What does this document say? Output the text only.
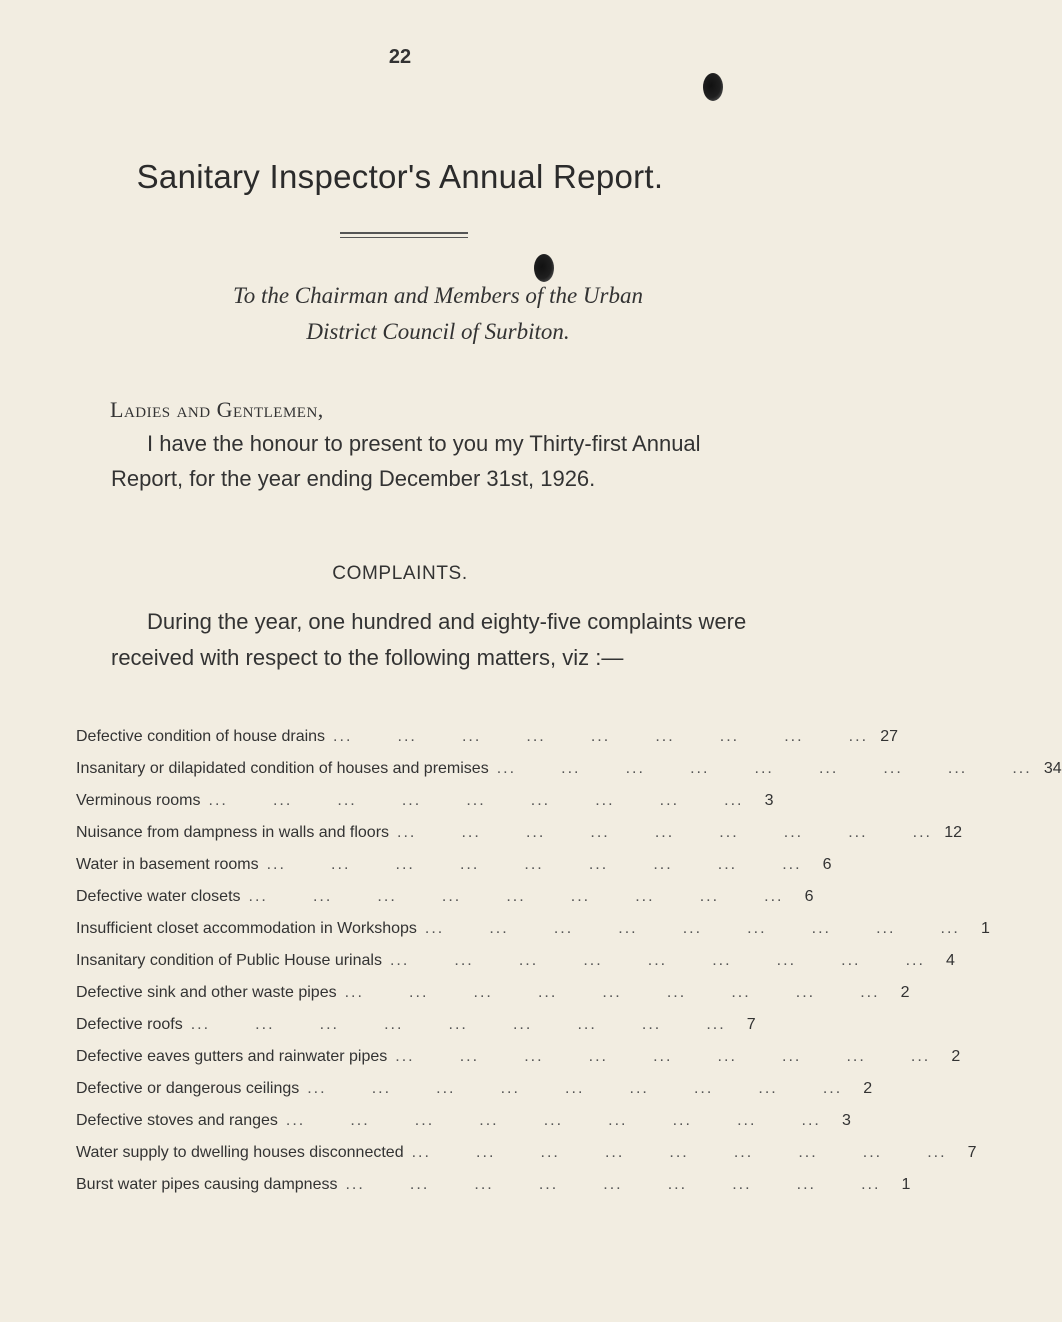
22
Sanitary Inspector's Annual Report.
To the Chairman and Members of the Urban
District Council of Surbiton.
Ladies and Gentlemen,
I have the honour to present to you my Thirty-first Annual Report, for the year ending December 31st, 1926.
COMPLAINTS.
During the year, one hundred and eighty-five complaints were received with respect to the following matters, viz :—
Defective condition of house drains ...	27
Insanitary or dilapidated condition of houses and premises ...	34
Verminous rooms ...	3
Nuisance from dampness in walls and floors ...	12
Water in basement rooms ...	6
Defective water closets ...	6
Insufficient closet accommodation in Workshops ...	1
Insanitary condition of Public House urinals ...	4
Defective sink and other waste pipes ...	2
Defective roofs ...	7
Defective eaves gutters and rainwater pipes ...	2
Defective or dangerous ceilings ...	2
Defective stoves and ranges ...	3
Water supply to dwelling houses disconnected ...	7
Burst water pipes causing dampness ...	1
